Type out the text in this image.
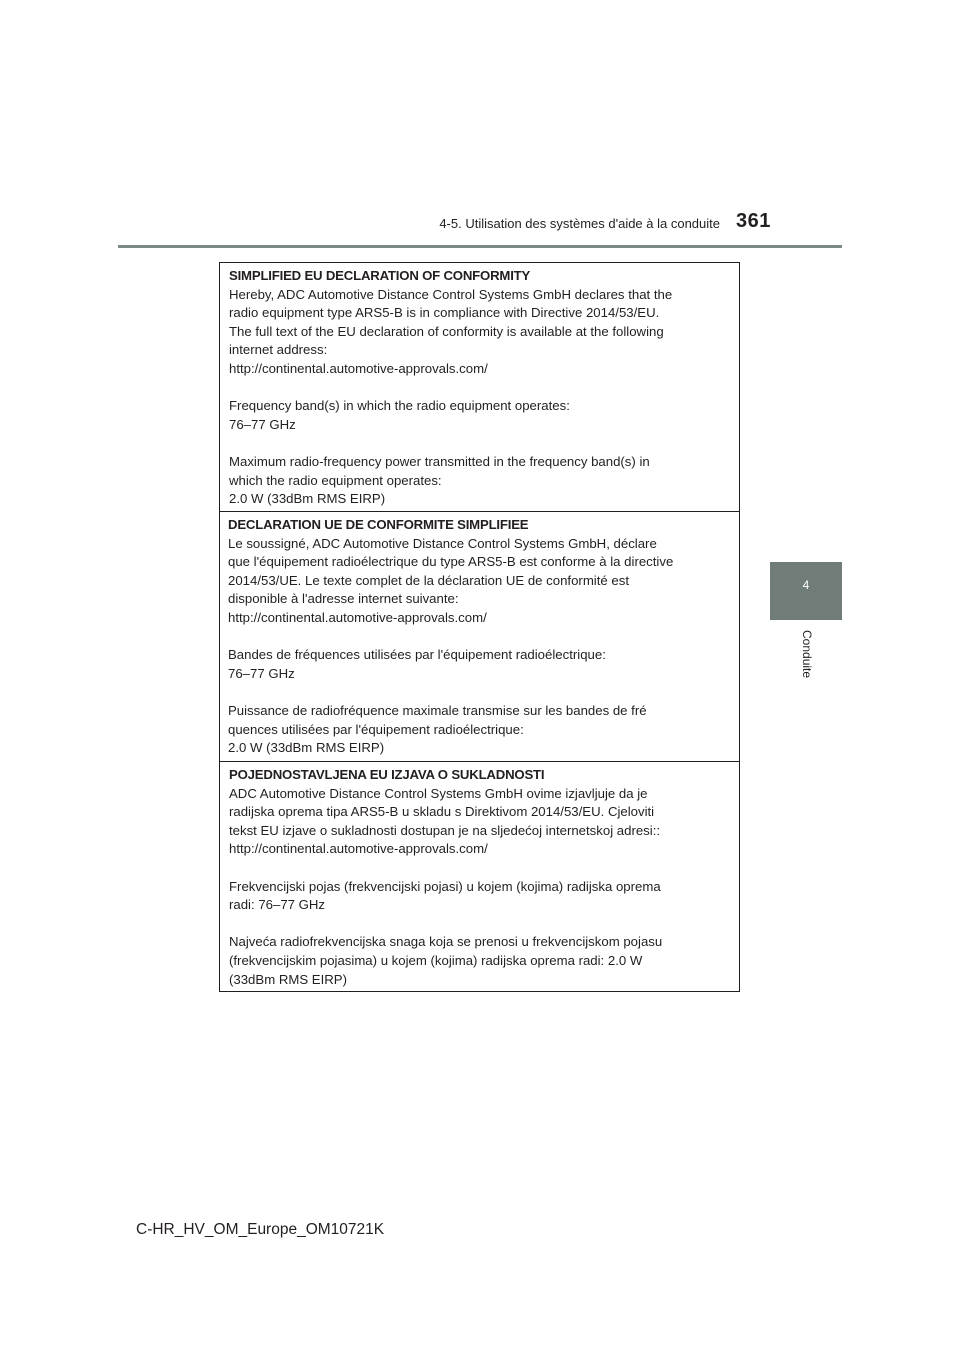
4-5. Utilisation des systèmes d'aide à la conduite 361
4
Conduite
SIMPLIFIED EU DECLARATION OF CONFORMITY
Hereby, ADC Automotive Distance Control Systems GmbH declares that the
radio equipment type ARS5-B is in compliance with Directive 2014/53/EU.
The full text of the EU declaration of conformity is available at the following
internet address:
http://continental.automotive-approvals.com/
Frequency band(s) in which the radio equipment operates:
76–77 GHz
Maximum radio-frequency power transmitted in the frequency band(s) in
which the radio equipment operates:
2.0 W (33dBm RMS EIRP)
DECLARATION UE DE CONFORMITE SIMPLIFIEE
Le soussigné, ADC Automotive Distance Control Systems GmbH, déclare
que l'équipement radioélectrique du type ARS5-B est conforme à la directive
2014/53/UE. Le texte complet de la déclaration UE de conformité est
disponible à l'adresse internet suivante:
http://continental.automotive-approvals.com/
Bandes de fréquences utilisées par l'équipement radioélectrique:
76–77 GHz
Puissance de radiofréquence maximale transmise sur les bandes de fré
quences utilisées par l'équipement radioélectrique:
2.0 W (33dBm RMS EIRP)
POJEDNOSTAVLJENA EU IZJAVA O SUKLADNOSTI
ADC Automotive Distance Control Systems GmbH ovime izjavljuje da je
radijska oprema tipa ARS5-B u skladu s Direktivom 2014/53/EU. Cjeloviti
tekst EU izjave o sukladnosti dostupan je na sljedećoj internetskoj adresi::
http://continental.automotive-approvals.com/
Frekvencijski pojas (frekvencijski pojasi) u kojem (kojima) radijska oprema
radi: 76–77 GHz
Najveća radiofrekvencijska snaga koja se prenosi u frekvencijskom pojasu
(frekvencijskim pojasima) u kojem (kojima) radijska oprema radi: 2.0 W
(33dBm RMS EIRP)
C-HR_HV_OM_Europe_OM10721K
